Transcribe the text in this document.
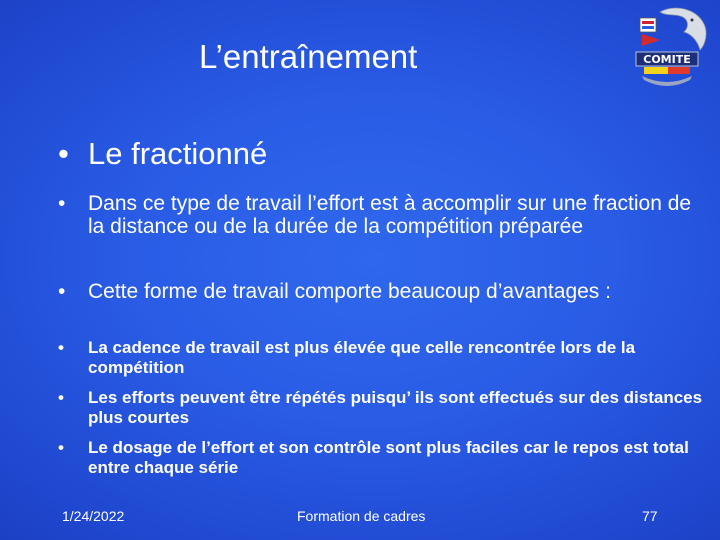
L’entraînement	COMITE
• Le fractionné
• Dans ce type de travail l’effort est à accomplir sur une fraction de la distance ou de la durée de la compétition préparée
• Cette forme de travail comporte beaucoup d’avantages :
• La cadence de travail est plus élevée que celle rencontrée lors de la compétition
• Les efforts peuvent être répétés puisqu’ ils sont effectués sur des distances plus courtes
• Le dosage de l’effort et son contrôle sont plus faciles car le repos est total entre chaque série
1/24/2022	Formation de cadres	77
